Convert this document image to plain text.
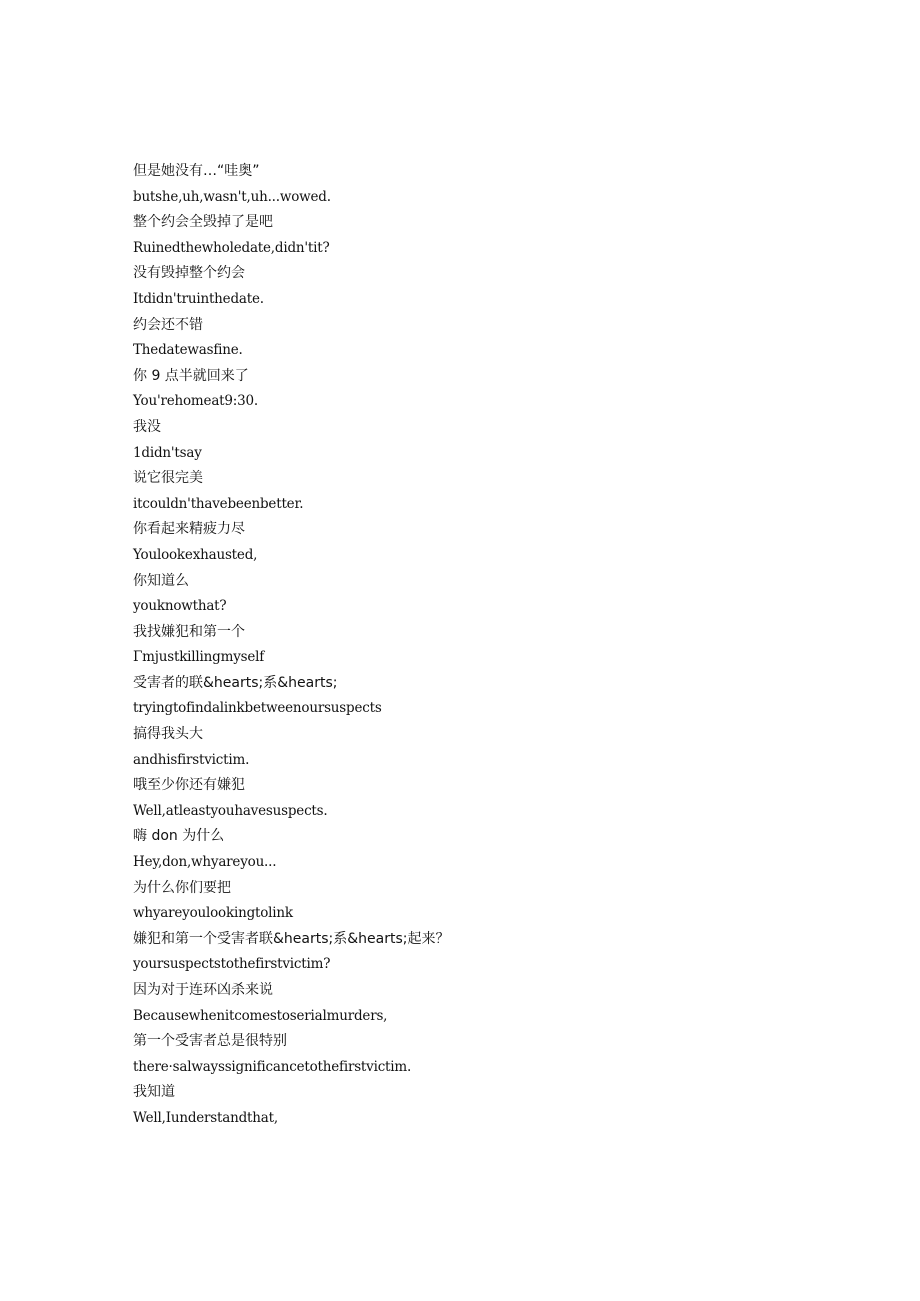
但是她没有…“哇奥”
butshe,uh,wasn't,uh...wowed.
整个约会全毁掉了是吧
Ruinedthewholedate,didn'tit?
没有毁掉整个约会
Itdidn'truinthedate.
约会还不错
Thedatewasfine.
你 9 点半就回来了
You'rehomeat9:30.
我没
1didn'tsay
说它很完美
itcouldn'thavebeenbetter.
你看起来精疲力尽
Youlookexhausted,
你知道么
youknowthat?
我找嫌犯和第一个
Γmjustkillingmyself
受害者的联&hearts;系&hearts;
tryingtofindalinkbetweenoursuspects
搞得我头大
andhisfirstvictim.
哦至少你还有嫌犯
Well,atleastyouhavesuspects.
嗨 don 为什么
Hey,don,whyareyou...
为什么你们要把
whyareyoulookingtolink
嫌犯和第一个受害者联&hearts;系&hearts;起来？
yoursuspectstothefirstvictim?
因为对于连环凶杀来说
Becausewhenitcomestoserialmurders,
第一个受害者总是很特别
there·salwayssignificancetothefirstvictim.
我知道
Well,Iunderstandthat,
